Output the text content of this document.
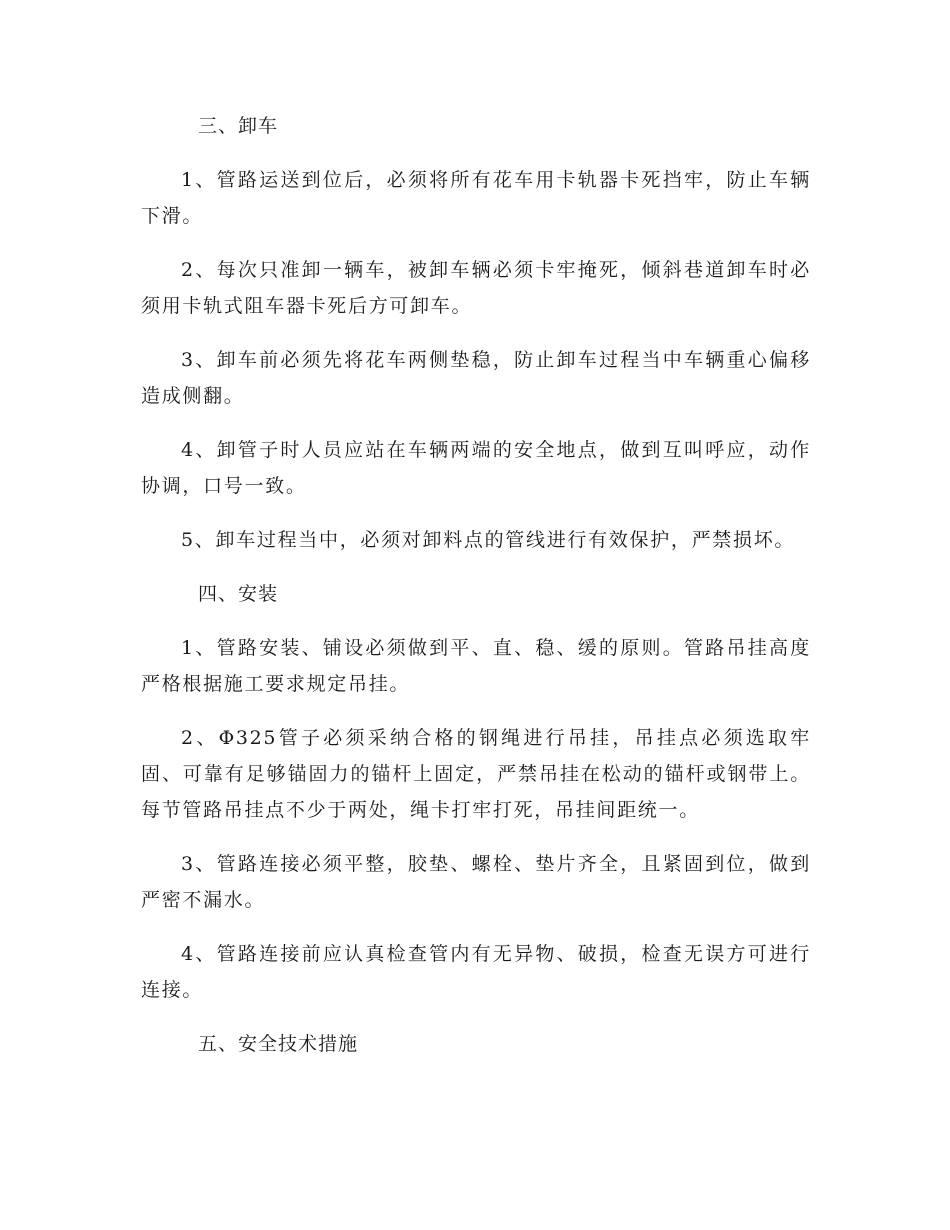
三、卸车

1、管路运送到位后，必须将所有花车用卡轨器卡死挡牢，防止车辆下滑。

2、每次只准卸一辆车，被卸车辆必须卡牢掩死，倾斜巷道卸车时必须用卡轨式阻车器卡死后方可卸车。

3、卸车前必须先将花车两侧垫稳，防止卸车过程当中车辆重心偏移造成侧翻。

4、卸管子时人员应站在车辆两端的安全地点，做到互叫呼应，动作协调，口号一致。

5、卸车过程当中，必须对卸料点的管线进行有效保护，严禁损坏。

四、安装

1、管路安装、铺设必须做到平、直、稳、缓的原则。管路吊挂高度严格根据施工要求规定吊挂。

2、Φ325管子必须采纳合格的钢绳进行吊挂，吊挂点必须选取牢固、可靠有足够锚固力的锚杆上固定，严禁吊挂在松动的锚杆或钢带上。每节管路吊挂点不少于两处，绳卡打牢打死，吊挂间距统一。

3、管路连接必须平整，胶垫、螺栓、垫片齐全，且紧固到位，做到严密不漏水。

4、管路连接前应认真检查管内有无异物、破损，检查无误方可进行连接。

五、安全技术措施
